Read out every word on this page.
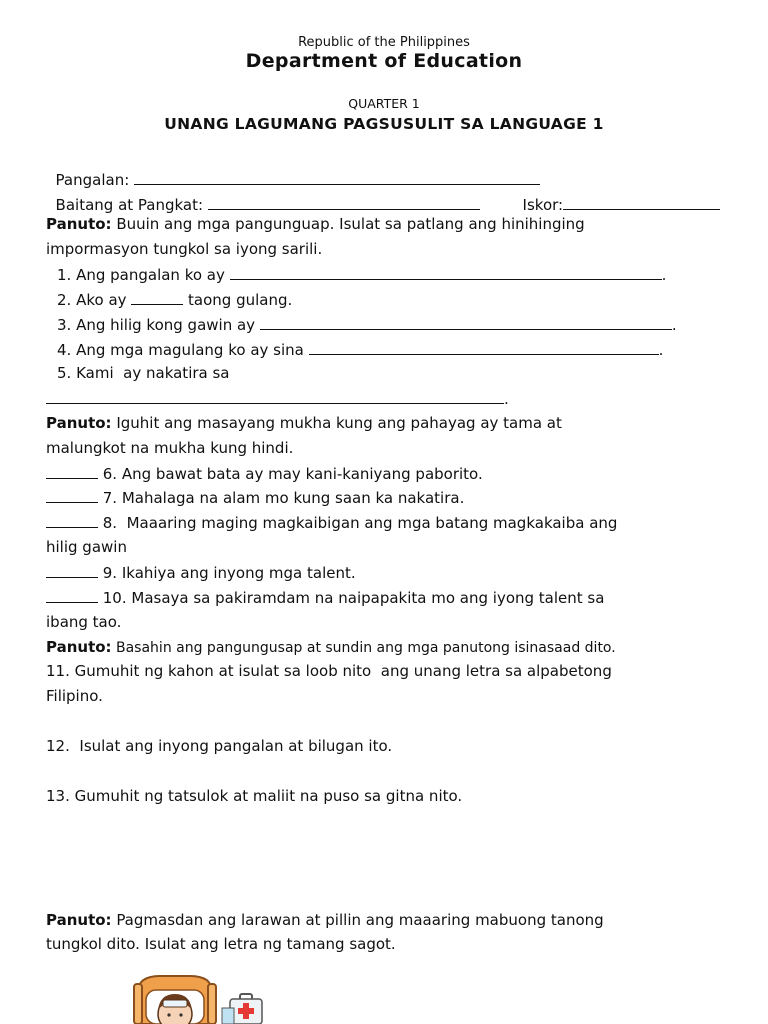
Republic of the Philippines
Department of Education
QUARTER 1
UNANG LAGUMANG PAGSUSULIT SA LANGUAGE 1

Pangalan:

Baitang at Pangkat:	Iskor:

Panuto: Buuin ang mga pangunguap. Isulat sa patlang ang hinihinging
impormasyon tungkol sa iyong sarili.
1. Ang pangalan ko ay	.
2. Ako ay	taong gulang.
3. Ang hilig kong gawin ay	.
4. Ang mga magulang ko ay sina	.
5. Kami  ay nakatira sa
.
Panuto: Iguhit ang masayang mukha kung ang pahayag ay tama at
malungkot na mukha kung hindi.
6. Ang bawat bata ay may kani-kaniyang paborito.
7. Mahalaga na alam mo kung saan ka nakatira.
8.  Maaaring maging magkaibigan ang mga batang magkakaiba ang
hilig gawin
9. Ikahiya ang inyong mga talent.
10. Masaya sa pakiramdam na naipapakita mo ang iyong talent sa
ibang tao.
Panuto: Basahin ang pangungusap at sundin ang mga panutong isinasaad dito.
11. Gumuhit ng kahon at isulat sa loob nito  ang unang letra sa alpabetong
Filipino.
12.  Isulat ang inyong pangalan at bilugan ito.
13. Gumuhit ng tatsulok at maliit na puso sa gitna nito.
Panuto: Pagmasdan ang larawan at pillin ang maaaring mabuong tanong
tungkol dito. Isulat ang letra ng tamang sagot.
